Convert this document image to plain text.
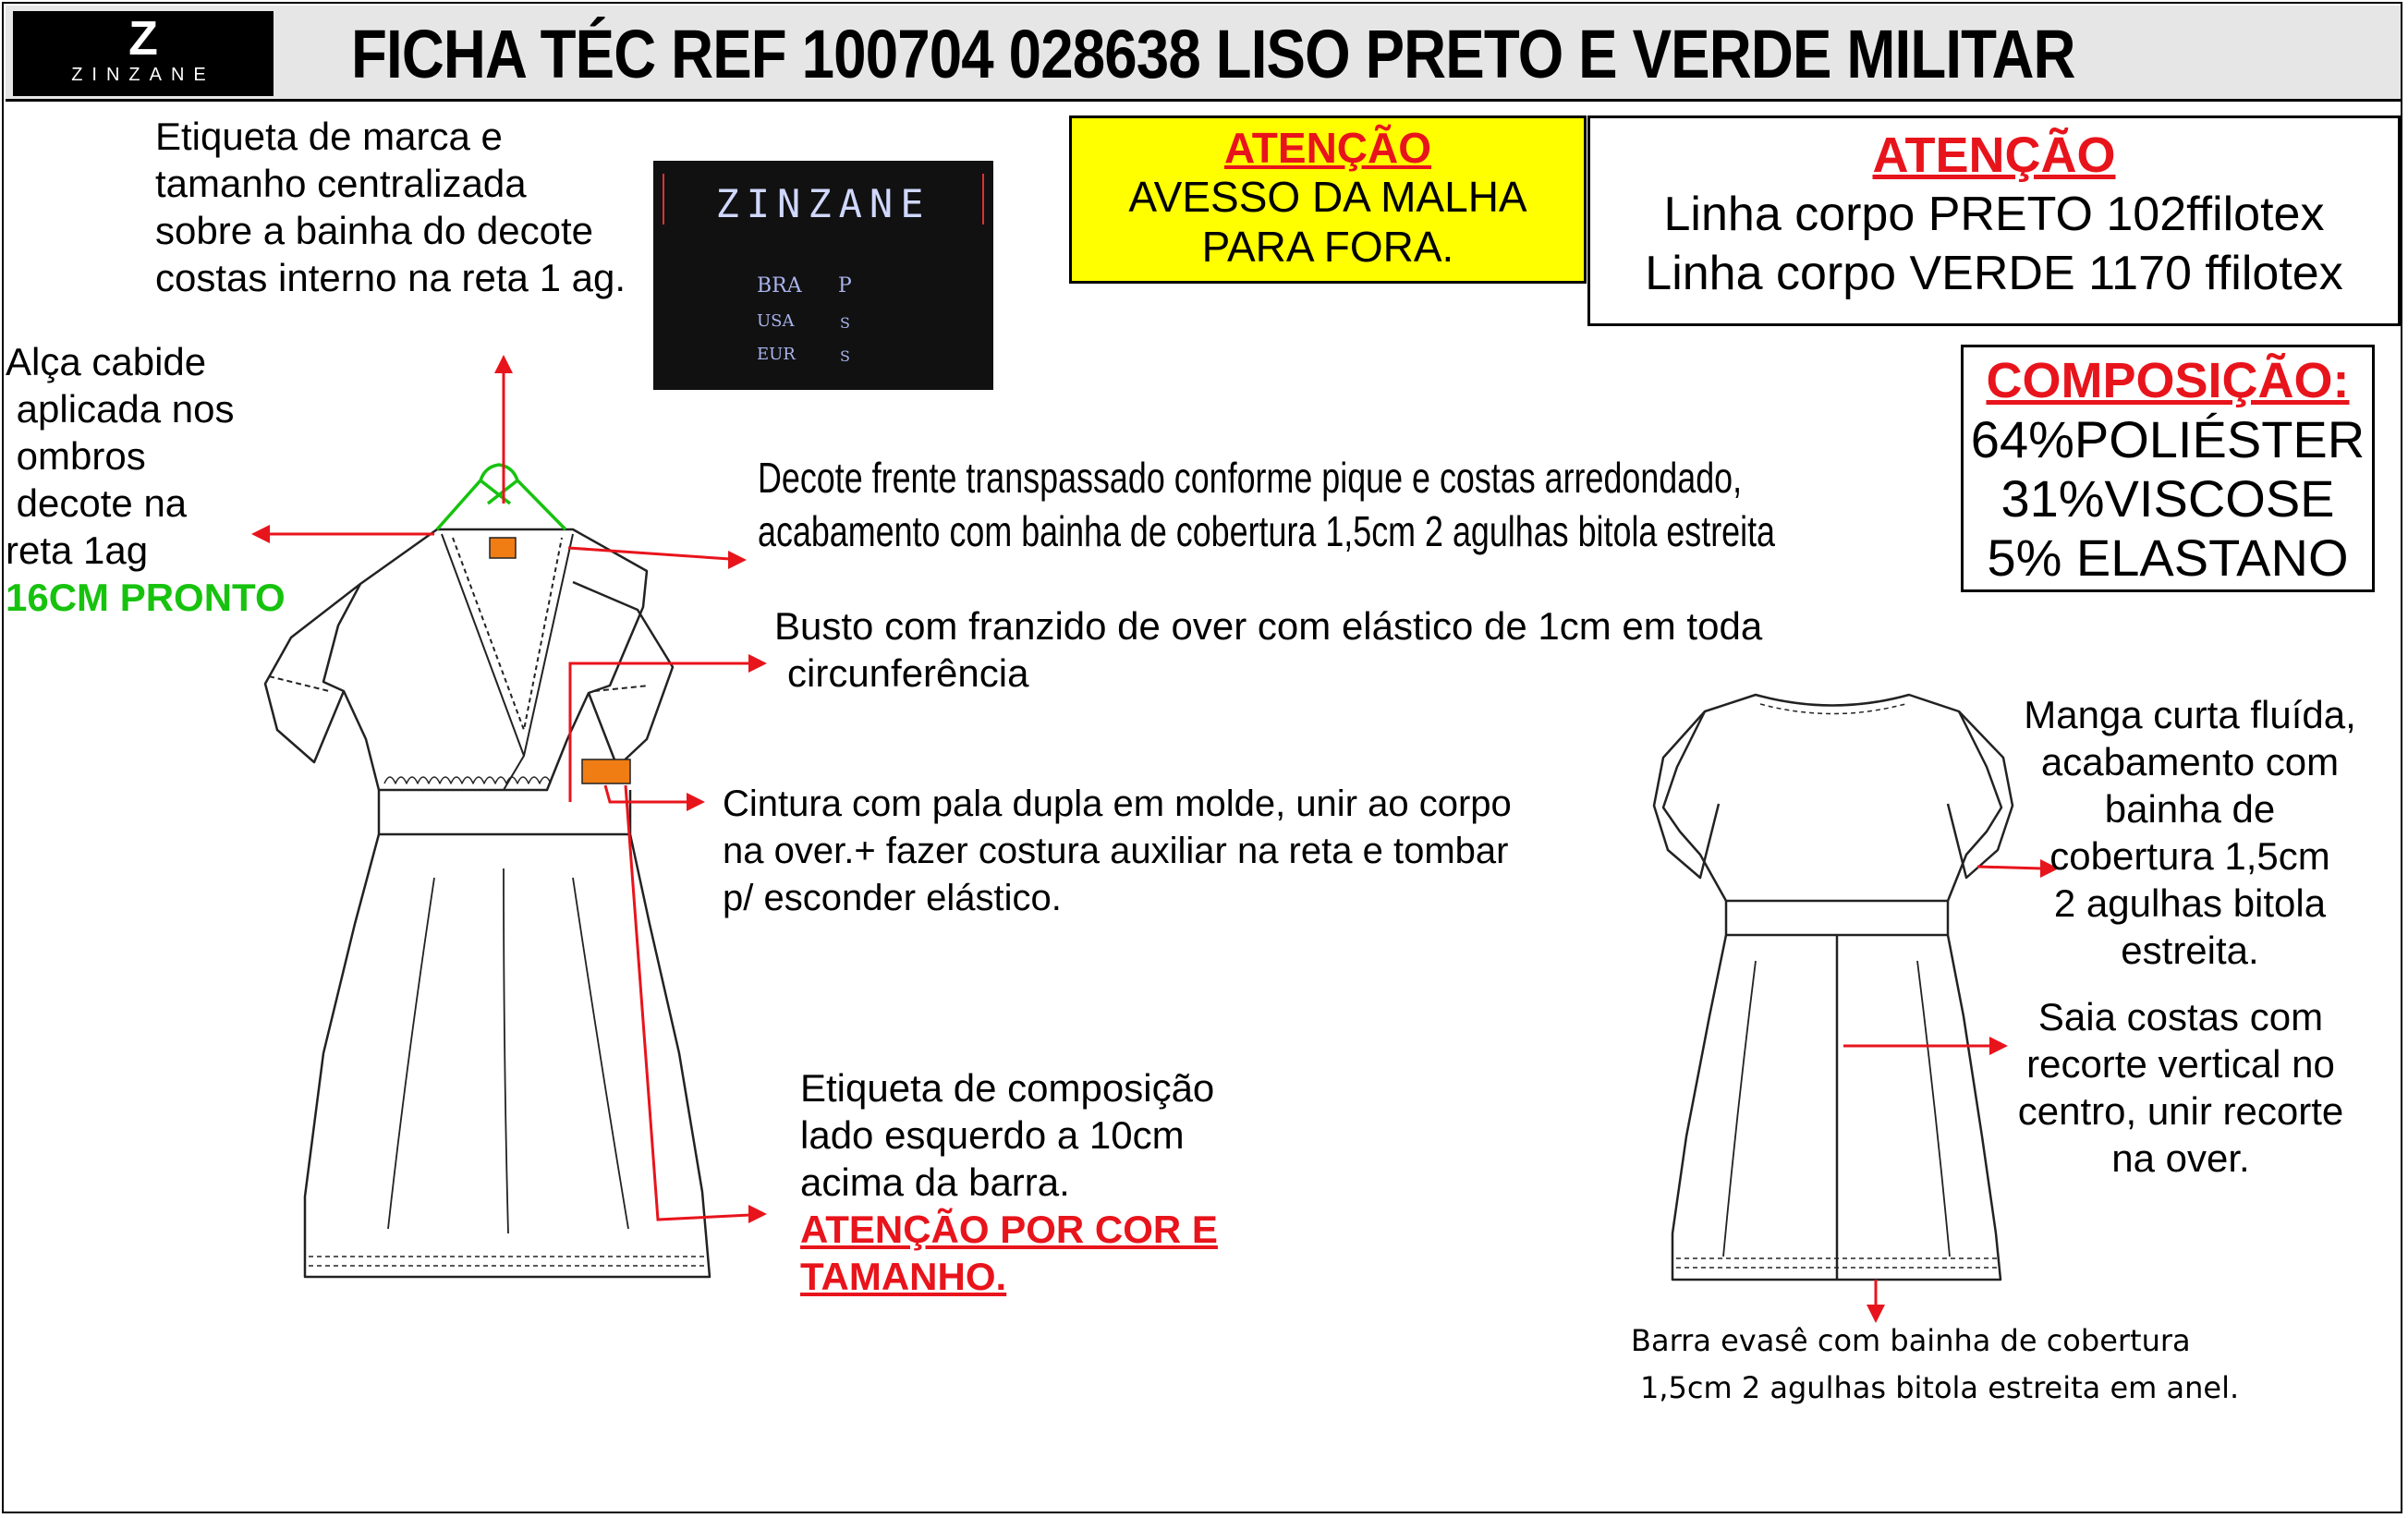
Z
ZINZANE	FICHA TÉC REF 100704 028638 LISO PRETO E VERDE MILITAR
ZINZANE
BRA P
USA	S
EUR	S
Etiqueta de marca e
tamanho centralizada
sobre a bainha do decote
costas interno na reta 1 ag.
ATENÇÃO
AVESSO DA MALHA
PARA FORA.
ATENÇÃO
Linha corpo PRETO 102ffilotex
Linha corpo VERDE 1170 ffilotex
COMPOSIÇÃO:
64%POLIÉSTER
31%VISCOSE
5% ELASTANO
Alça cabide
aplicada nos
ombros
decote na
reta 1ag
16CM PRONTO
Decote frente transpassado conforme pique e costas arredondado,
acabamento com bainha de cobertura 1,5cm 2 agulhas bitola estreita
Busto com franzido de over com elástico de 1cm em toda
circunferência
Cintura com pala dupla em molde, unir ao corpo
na over.+ fazer costura auxiliar na reta e tombar
p/ esconder elástico.
Etiqueta de composição
lado esquerdo a 10cm
acima da barra.
ATENÇÃO POR COR E
TAMANHO.
Manga curta fluída,
acabamento com
bainha de
cobertura 1,5cm
2 agulhas bitola
estreita.
Saia costas com
recorte vertical no
centro, unir recorte
na over.
Barra evasê com bainha de cobertura
1,5cm 2 agulhas bitola estreita em anel.
